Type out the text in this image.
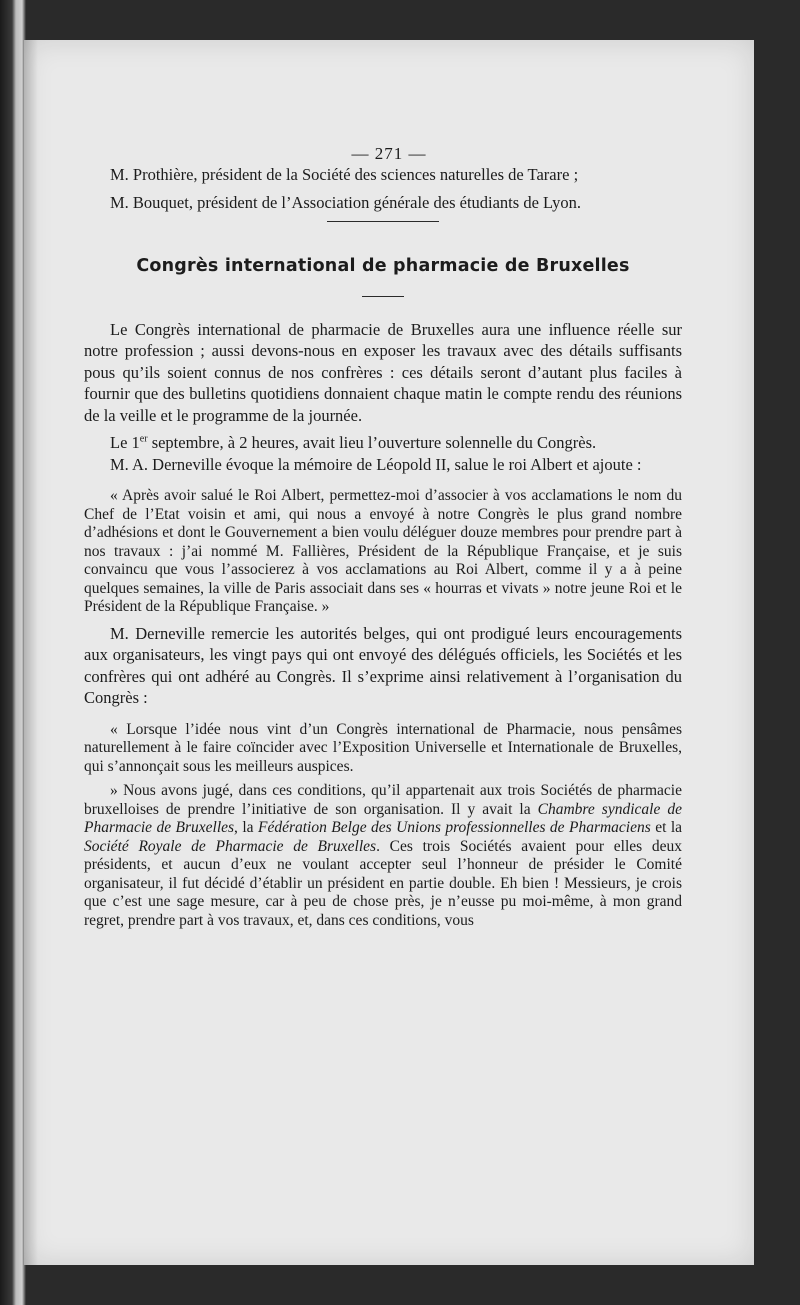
— 271 —

M. Prothière, président de la Société des sciences naturelles de Tarare ;

M. Bouquet, président de l’Association générale des étudiants de Lyon.

Congrès international de pharmacie de Bruxelles

Le Congrès international de pharmacie de Bruxelles aura une influence réelle sur notre profession ; aussi devons-nous en exposer les travaux avec des détails suffisants pous qu’ils soient connus de nos confrères : ces détails seront d’autant plus faciles à fournir que des bulletins quotidiens donnaient chaque matin le compte rendu des réunions de la veille et le programme de la journée.

Le 1er septembre, à 2 heures, avait lieu l’ouverture solennelle du Congrès.

M. A. Derneville évoque la mémoire de Léopold II, salue le roi Albert et ajoute :

« Après avoir salué le Roi Albert, permettez-moi d’associer à vos acclamations le nom du Chef de l’Etat voisin et ami, qui nous a envoyé à notre Congrès le plus grand nombre d’adhésions et dont le Gouvernement a bien voulu déléguer douze membres pour prendre part à nos travaux : j’ai nommé M. Fallières, Président de la République Française, et je suis convaincu que vous l’associerez à vos acclamations au Roi Albert, comme il y a à peine quelques semaines, la ville de Paris associait dans ses « hourras et vivats » notre jeune Roi et le Président de la République Française. »

M. Derneville remercie les autorités belges, qui ont prodigué leurs encouragements aux organisateurs, les vingt pays qui ont envoyé des délégués officiels, les Sociétés et les confrères qui ont adhéré au Congrès. Il s’exprime ainsi relativement à l’organisation du Congrès :

« Lorsque l’idée nous vint d’un Congrès international de Pharmacie, nous pensâmes naturellement à le faire coïncider avec l’Exposition Universelle et Internationale de Bruxelles, qui s’annonçait sous les meilleurs auspices.

» Nous avons jugé, dans ces conditions, qu’il appartenait aux trois Sociétés de pharmacie bruxelloises de prendre l’initiative de son organisation. Il y avait la Chambre syndicale de Pharmacie de Bruxelles, la Fédération Belge des Unions professionnelles de Pharmaciens et la Société Royale de Pharmacie de Bruxelles. Ces trois Sociétés avaient pour elles deux présidents, et aucun d’eux ne voulant accepter seul l’honneur de présider le Comité organisateur, il fut décidé d’établir un président en partie double. Eh bien ! Messieurs, je crois que c’est une sage mesure, car à peu de chose près, je n’eusse pu moi-même, à mon grand regret, prendre part à vos travaux, et, dans ces conditions, vous
